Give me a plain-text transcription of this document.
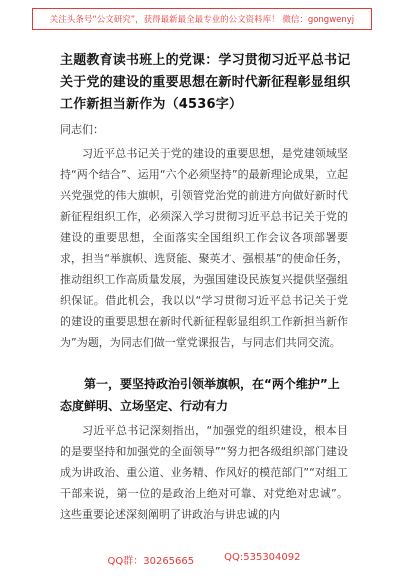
关注头条号“公文研究”，获得最新最全最专业的公文资料库！ 微信：gongwenyj
主题教育读书班上的党课：学习贯彻习近平总书记关于党的建设的重要思想在新时代新征程彰显组织工作新担当新作为（4536字）
同志们：

习近平总书记关于党的建设的重要思想，是党建领域坚持“两个结合”、运用“六个必须坚持”的最新理论成果，立起兴党强党的伟大旗帜，引领管党治党的前进方向做好新时代新征程组织工作，必须深入学习贯彻习近平总书记关于党的建设的重要思想，全面落实全国组织工作会议各项部署要求，担当“举旗帜、选贤能、聚英才、强根基”的使命任务，推动组织工作高质量发展，为强国建设民族复兴提供坚强组织保证。借此机会，我以以“学习贯彻习近平总书记关于党的建设的重要思想在新时代新征程彰显组织工作新担当新作为”为题，为同志们做一堂党课报告，与同志们共同交流。

第一，要坚持政治引领举旗帜，在“两个维护”上态度鲜明、立场坚定、行动有力

习近平总书记深刻指出，“加强党的组织建设，根本目的是要坚持和加强党的全面领导”“努力把各级组织部门建设成为讲政治、重公道、业务精、作风好的模范部门”“对组工干部来说，第一位的是政治上绝对可靠、对党绝对忠诚”。这些重要论述深刻阐明了讲政治与讲忠诚的内

QQ群：30265665	QQ:535304092
